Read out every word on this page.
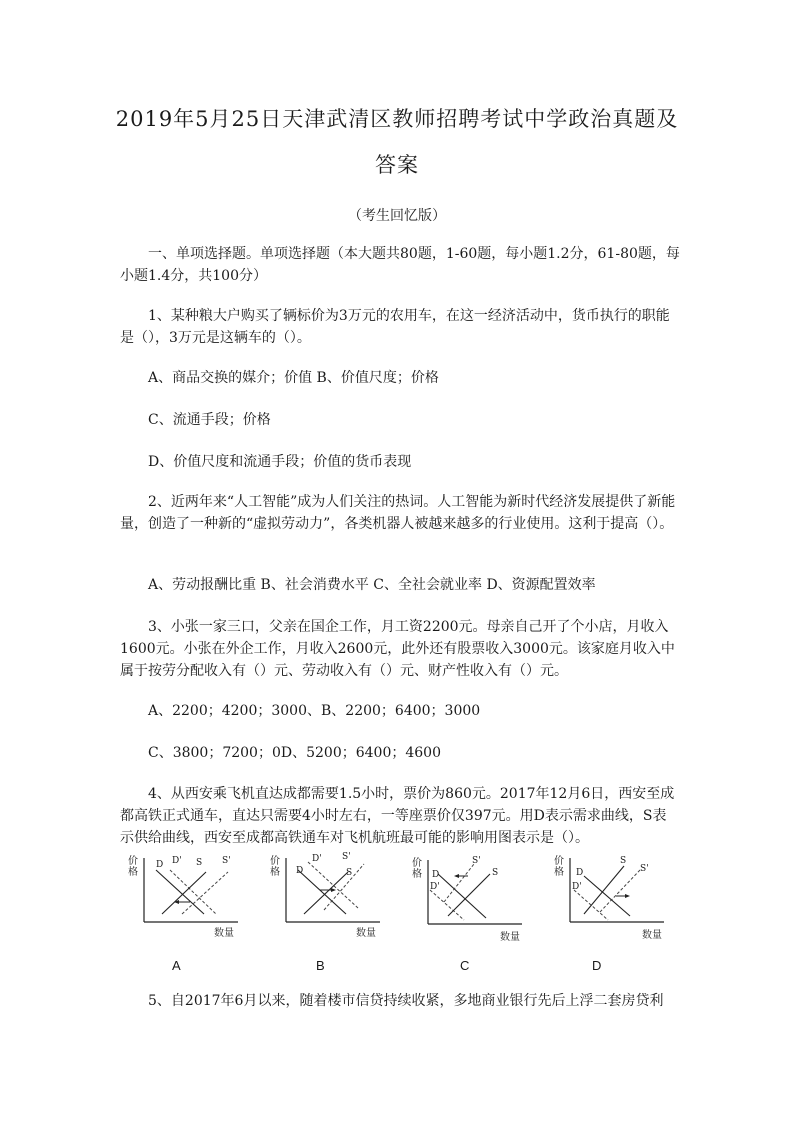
2019年5月25日天津武清区教师招聘考试中学政治真题及
答案
（考生回忆版）
一、单项选择题。单项选择题（本大题共80题，1-60题，每小题1.2分，61-80题，每小题1.4分，共100分）
1、某种粮大户购买了辆标价为3万元的农用车，在这一经济活动中，货币执行的职能是（），3万元是这辆车的（）。
A、商品交换的媒介；价值 B、价值尺度；价格
C、流通手段；价格
D、价值尺度和流通手段；价值的货币表现
2、近两年来“人工智能”成为人们关注的热词。人工智能为新时代经济发展提供了新能量，创造了一种新的“虚拟劳动力”，各类机器人被越来越多的行业使用。这利于提高（）。
A、劳动报酬比重 B、社会消费水平 C、全社会就业率 D、资源配置效率
3、小张一家三口，父亲在国企工作，月工资2200元。母亲自己开了个小店，月收入1600元。小张在外企工作，月收入2600元，此外还有股票收入3000元。该家庭月收入中属于按劳分配收入有（）元、劳动收入有（）元、财产性收入有（）元。
A、2200；4200；3000、B、2200；6400；3000
C、3800；7200；0D、5200；6400；4600
4、从西安乘飞机直达成都需要1.5小时，票价为860元。2017年12月6日，西安至成都高铁正式通车，直达只需要4小时左右，一等座票价仅397元。用D表示需求曲线，S表示供给曲线，西安至成都高铁通车对飞机航班最可能的影响用图表示是（）。
价格
D D' S S'
数量
A
价格
D' S'
D	S
数量
B
价格
S'
D	S
D'
数量
C
价格
S
S'
D
D'
数量
D
5、自2017年6月以来，随着楼市信贷持续收紧，多地商业银行先后上浮二套房贷利
